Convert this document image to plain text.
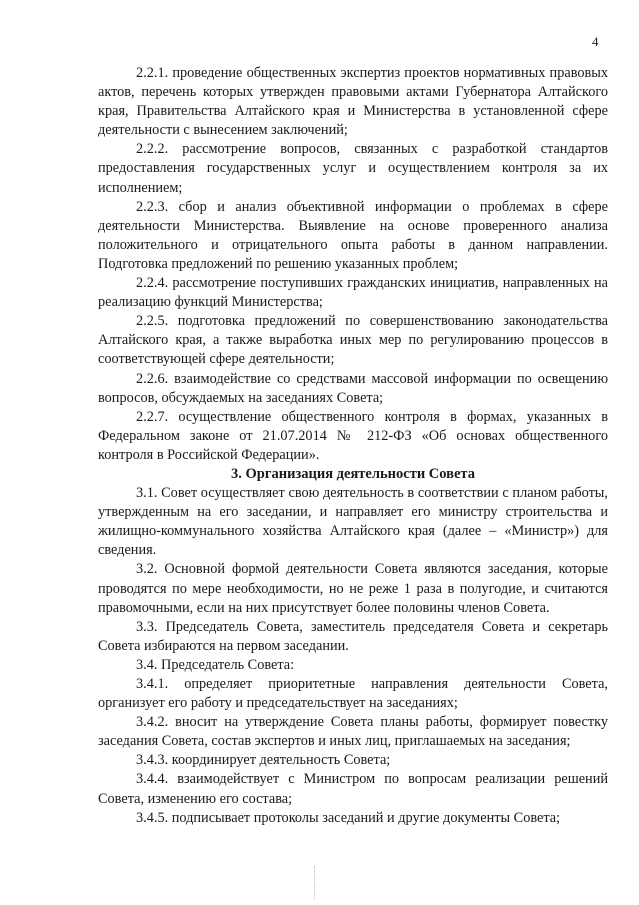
4

2.2.1. проведение общественных экспертиз проектов нормативных правовых актов, перечень которых утвержден правовыми актами Губернатора Алтайского края, Правительства Алтайского края и Министерства в установленной сфере деятельности с вынесением заключений;

2.2.2. рассмотрение вопросов, связанных с разработкой стандартов предоставления государственных услуг и осуществлением контроля за их исполнением;

2.2.3. сбор и анализ объективной информации о проблемах в сфере деятельности Министерства. Выявление на основе проверенного анализа положительного и отрицательного опыта работы в данном направлении. Подготовка предложений по решению указанных проблем;

2.2.4. рассмотрение поступивших гражданских инициатив, направленных на реализацию функций Министерства;

2.2.5. подготовка предложений по совершенствованию законодательства Алтайского края, а также выработка иных мер по регулированию процессов в соответствующей сфере деятельности;

2.2.6. взаимодействие со средствами массовой информации по освещению вопросов, обсуждаемых на заседаниях Совета;

2.2.7. осуществление общественного контроля в формах, указанных в Федеральном законе от 21.07.2014 № 212-ФЗ «Об основах общественного контроля в Российской Федерации».

3. Организация деятельности Совета

3.1. Совет осуществляет свою деятельность в соответствии с планом работы, утвержденным на его заседании, и направляет его министру строительства и жилищно-коммунального хозяйства Алтайского края (далее – «Министр») для сведения.

3.2. Основной формой деятельности Совета являются заседания, которые проводятся по мере необходимости, но не реже 1 раза в полугодие, и считаются правомочными, если на них присутствует более половины членов Совета.

3.3. Председатель Совета, заместитель председателя Совета и секретарь Совета избираются на первом заседании.

3.4. Председатель Совета:

3.4.1. определяет приоритетные направления деятельности Совета, организует его работу и председательствует на заседаниях;

3.4.2. вносит на утверждение Совета планы работы, формирует повестку заседания Совета, состав экспертов и иных лиц, приглашаемых на заседания;

3.4.3. координирует деятельность Совета;

3.4.4. взаимодействует с Министром по вопросам реализации решений Совета, изменению его состава;

3.4.5. подписывает протоколы заседаний и другие документы Совета;
